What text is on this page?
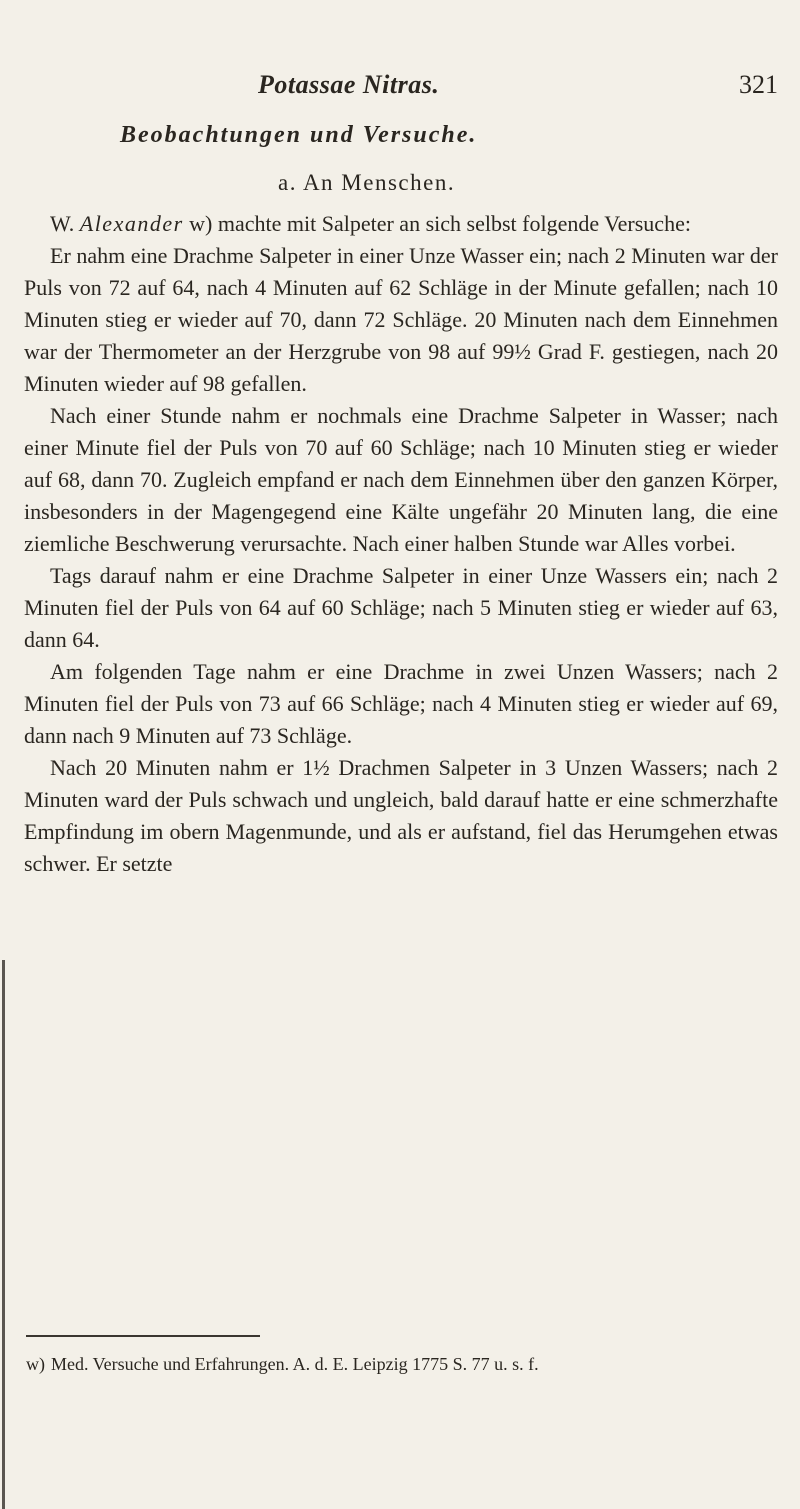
Potassae Nitras.	321
Beobachtungen und Versuche.
a. An Menschen.

W. Alexander w) machte mit Salpeter an sich selbst folgende Versuche:

Er nahm eine Drachme Salpeter in einer Unze Wasser ein; nach 2 Minuten war der Puls von 72 auf 64, nach 4 Minuten auf 62 Schläge in der Minute gefallen; nach 10 Minuten stieg er wieder auf 70, dann 72 Schläge. 20 Minuten nach dem Einnehmen war der Thermometer an der Herzgrube von 98 auf 99½ Grad F. gestiegen, nach 20 Minuten wieder auf 98 gefallen.

Nach einer Stunde nahm er nochmals eine Drachme Salpeter in Wasser; nach einer Minute fiel der Puls von 70 auf 60 Schläge; nach 10 Minuten stieg er wieder auf 68, dann 70. Zugleich empfand er nach dem Einnehmen über den ganzen Körper, insbesonders in der Magengegend eine Kälte ungefähr 20 Minuten lang, die eine ziemliche Beschwerung verursachte. Nach einer halben Stunde war Alles vorbei.

Tags darauf nahm er eine Drachme Salpeter in einer Unze Wassers ein; nach 2 Minuten fiel der Puls von 64 auf 60 Schläge; nach 5 Minuten stieg er wieder auf 63, dann 64.

Am folgenden Tage nahm er eine Drachme in zwei Unzen Wassers; nach 2 Minuten fiel der Puls von 73 auf 66 Schläge; nach 4 Minuten stieg er wieder auf 69, dann nach 9 Minuten auf 73 Schläge.

Nach 20 Minuten nahm er 1½ Drachmen Salpeter in 3 Unzen Wassers; nach 2 Minuten ward der Puls schwach und ungleich, bald darauf hatte er eine schmerzhafte Empfindung im obern Magenmunde, und als er aufstand, fiel das Herumgehen etwas schwer. Er setzte

w) Med. Versuche und Erfahrungen. A. d. E. Leipzig 1775 S. 77 u. s. f.
